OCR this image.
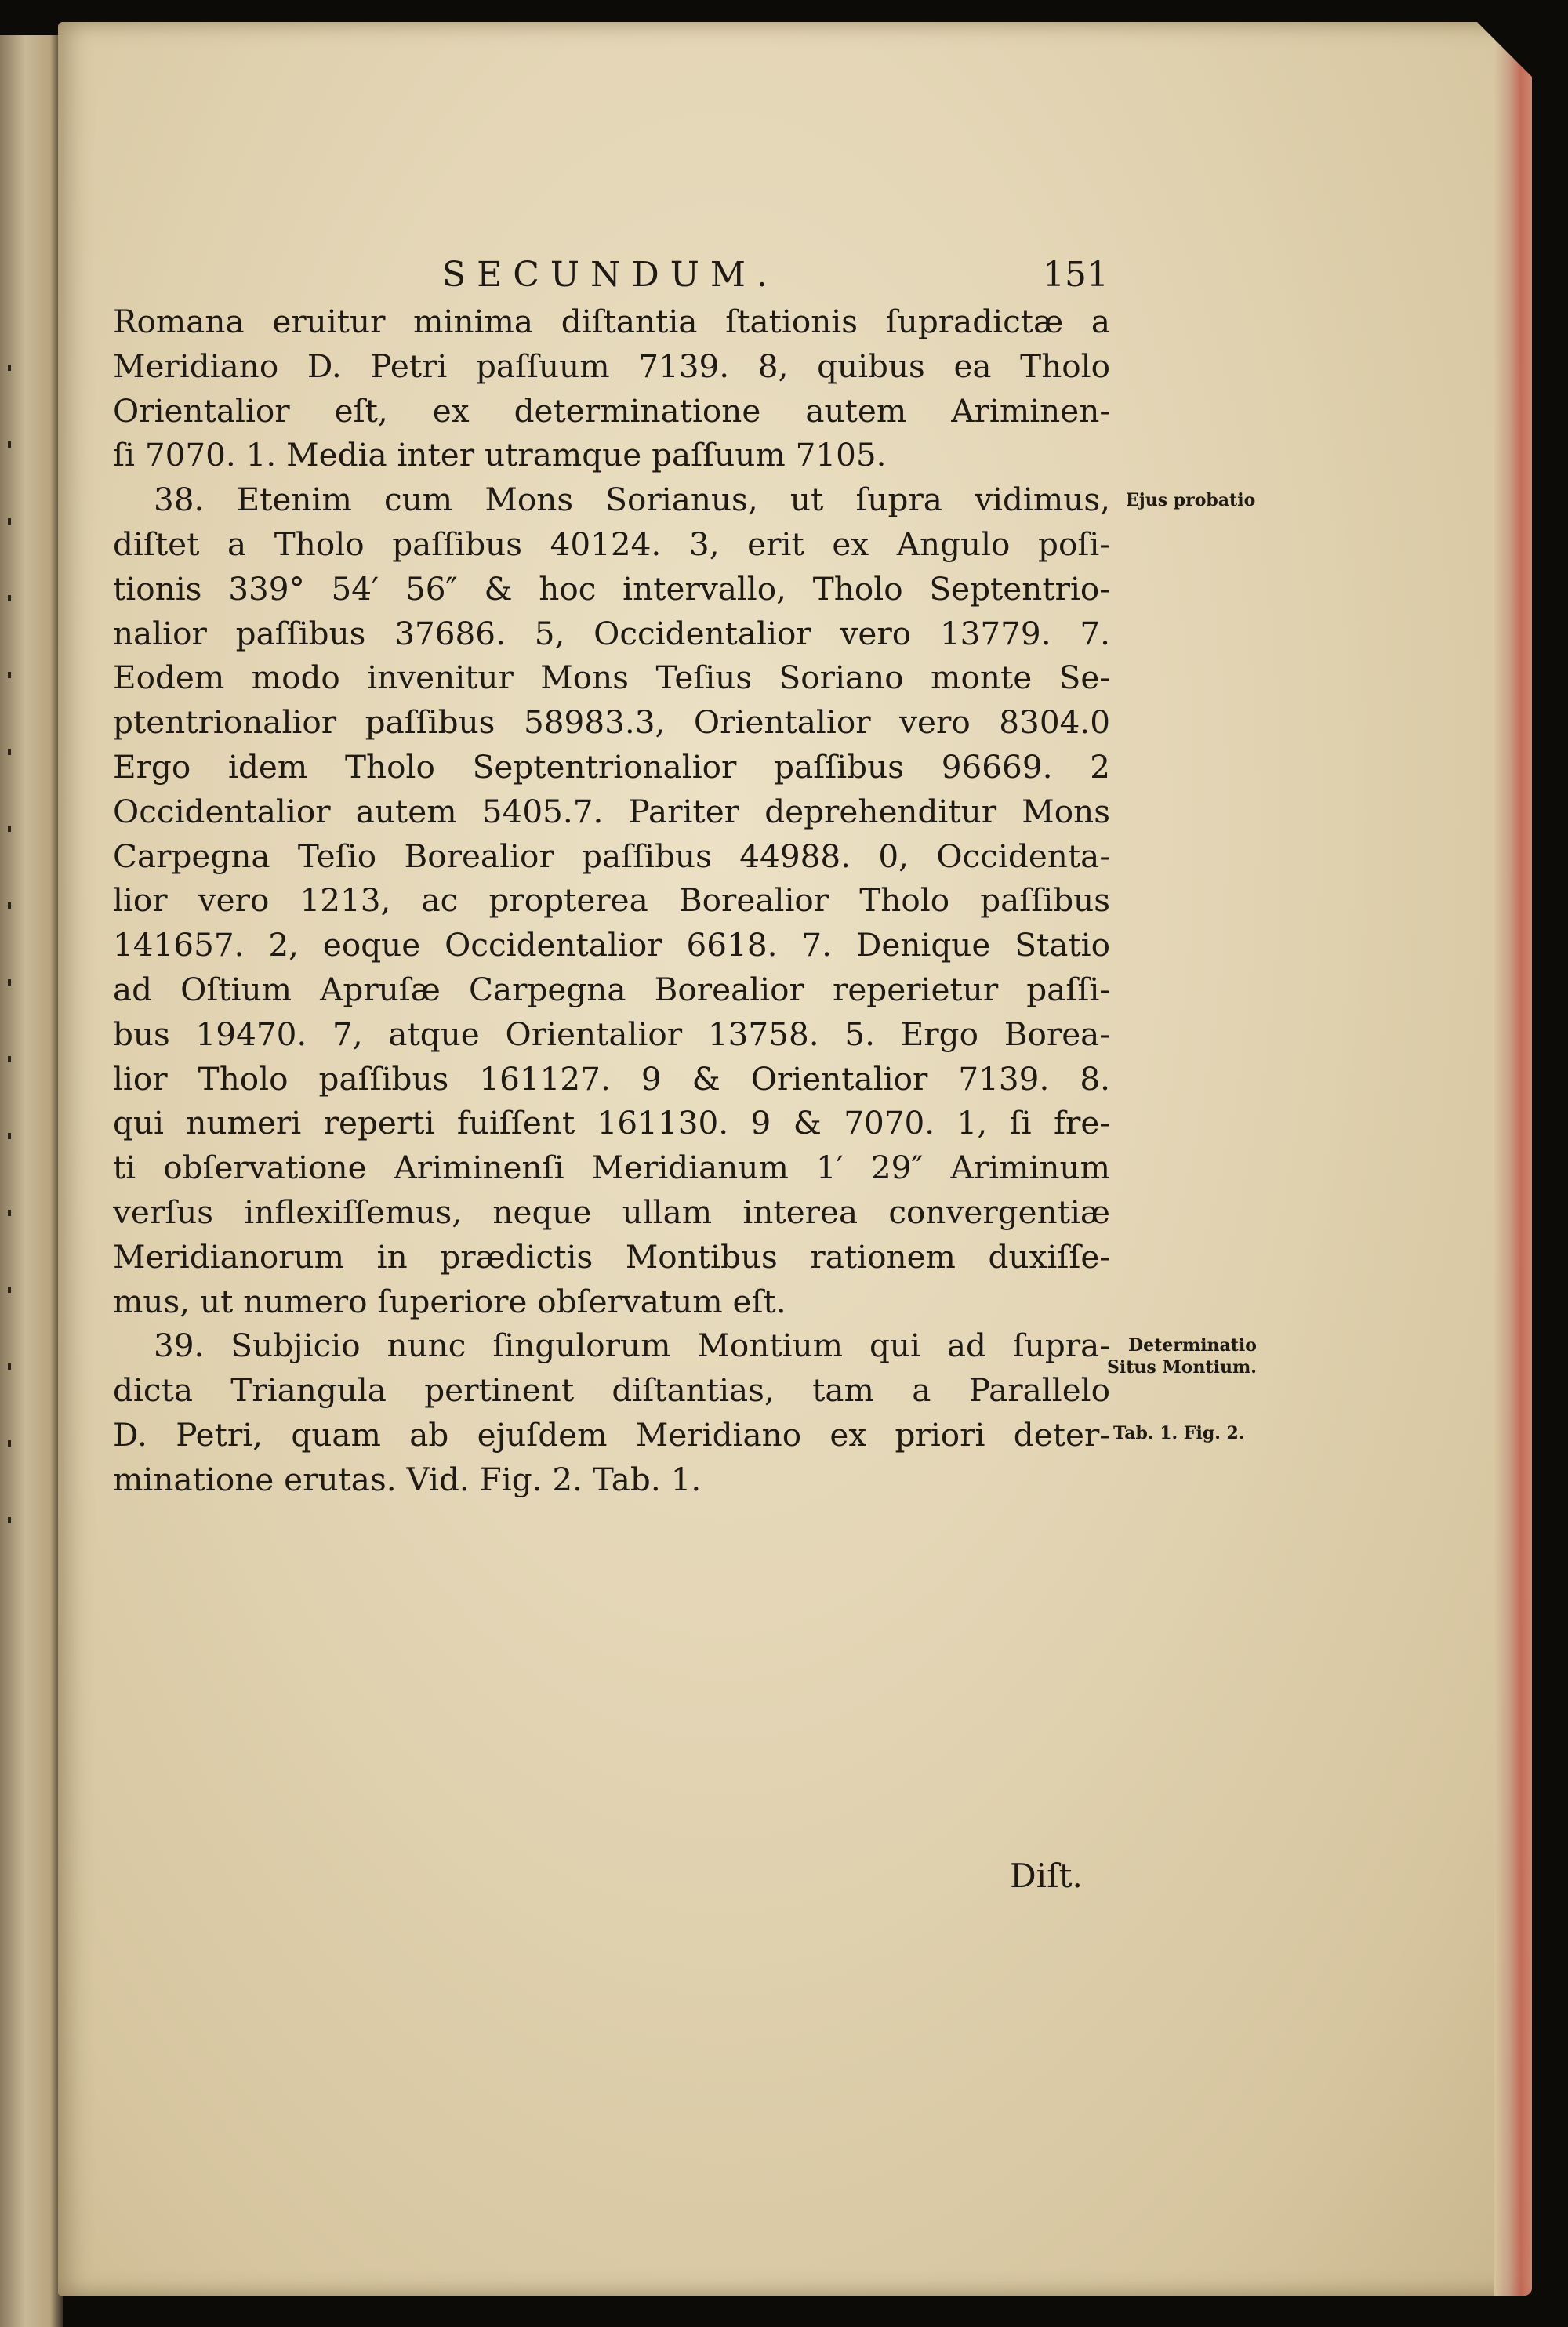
SECUNDUM.	151
Romana eruitur minima diſtantia ſtationis ſupradictæ a
Meridiano D. Petri paſſuum 7139. 8, quibus ea Tholo
Orientalior eſt, ex determinatione autem Ariminen-
ſi 7070. 1. Media inter utramque paſſuum 7105.
38. Etenim cum Mons Sorianus, ut ſupra vidimus,
diſtet a Tholo paſſibus 40124. 3, erit ex Angulo poſi-
tionis 339° 54′ 56″ & hoc intervallo, Tholo Septentrio-
nalior paſſibus 37686. 5, Occidentalior vero 13779. 7.
Eodem modo invenitur Mons Teſius Soriano monte Se-
ptentrionalior paſſibus 58983.3, Orientalior vero 8304.0
Ergo idem Tholo Septentrionalior paſſibus 96669. 2
Occidentalior autem 5405.7. Pariter deprehenditur Mons
Carpegna Teſio Borealior paſſibus 44988. 0, Occidenta-
lior vero 1213, ac propterea Borealior Tholo paſſibus
141657. 2, eoque Occidentalior 6618. 7. Denique Statio
ad Oſtium Apruſæ Carpegna Borealior reperietur paſſi-
bus 19470. 7, atque Orientalior 13758. 5. Ergo Borea-
lior Tholo paſſibus 161127. 9 & Orientalior 7139. 8.
qui numeri reperti fuiſſent 161130. 9 & 7070. 1, ſi fre-
ti obſervatione Ariminenſi Meridianum 1′ 29″ Ariminum
verſus inflexiſſemus, neque ullam interea convergentiæ
Meridianorum in prædictis Montibus rationem duxiſſe-
mus, ut numero ſuperiore obſervatum eſt.
39. Subjicio nunc ſingulorum Montium qui ad ſupra-
dicta Triangula pertinent diſtantias, tam a Parallelo
D. Petri, quam ab ejuſdem Meridiano ex priori deter-
minatione erutas. Vid. Fig. 2. Tab. 1.
Ejus probatio
Determinatio
Situs Montium.
Tab. 1. Fig. 2.
Diſt.
